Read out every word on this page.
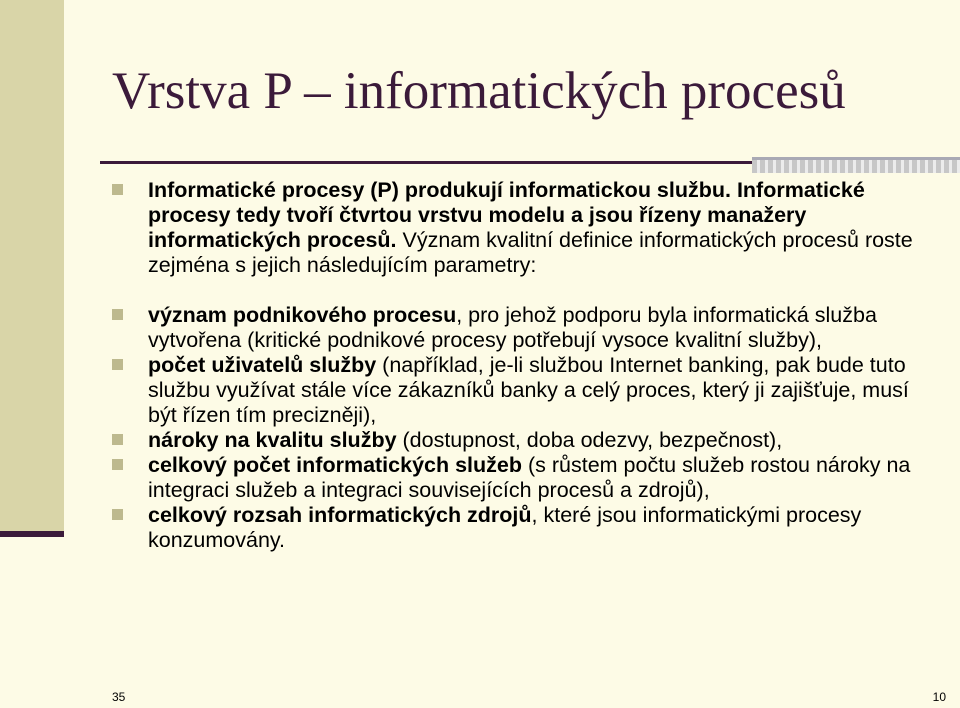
Vrstva P – informatických procesů
Informatické procesy (P) produkují informatickou službu. Informatické procesy tedy tvoří čtvrtou vrstvu modelu a jsou řízeny manažery informatických procesů. Význam kvalitní definice informatických procesů roste zejména s jejich následujícím parametry:
význam podnikového procesu, pro jehož podporu byla informatická služba vytvořena (kritické podnikové procesy potřebují vysoce kvalitní služby),
počet uživatelů služby (například, je-li službou Internet banking, pak bude tuto službu využívat stále více zákazníků banky a celý proces, který ji zajišťuje, musí být řízen tím precizněji),
nároky na kvalitu služby (dostupnost, doba odezvy, bezpečnost),
celkový počet informatických služeb (s růstem počtu služeb rostou nároky na integraci služeb a integraci souvisejících procesů a zdrojů),
celkový rozsah informatických zdrojů, které jsou informatickými procesy konzumovány.
35	10
